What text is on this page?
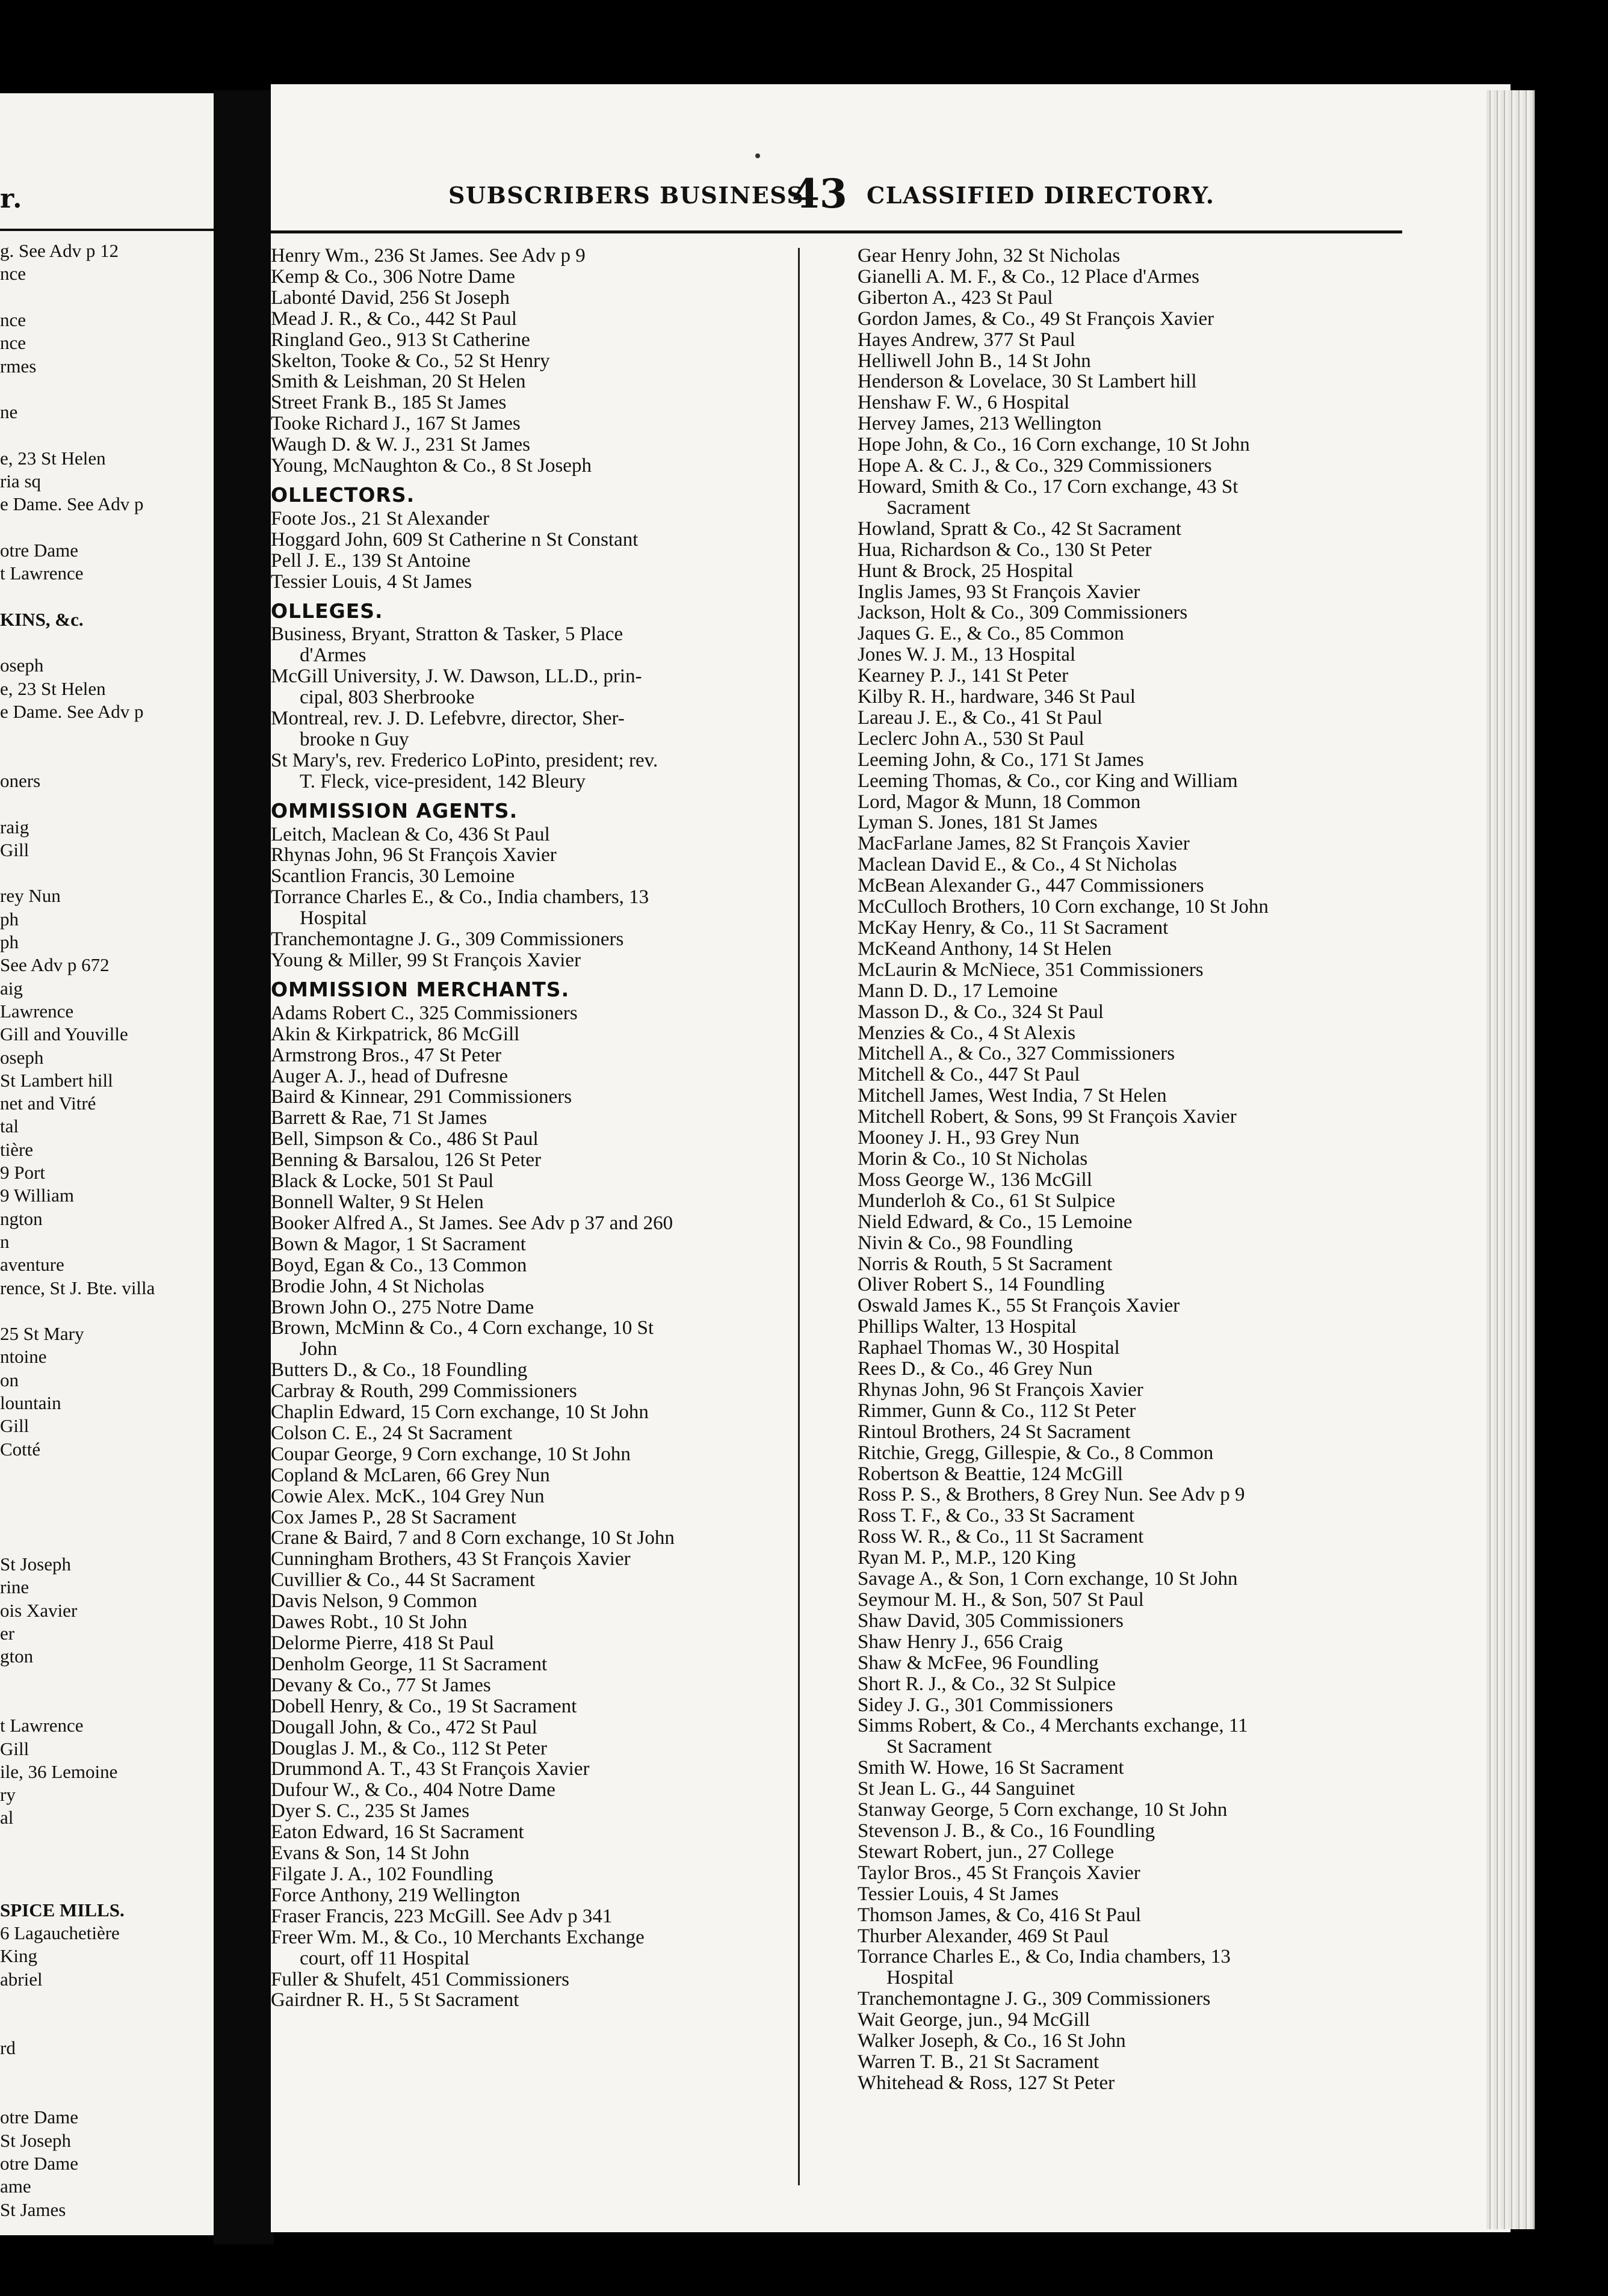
r.
g. See Adv p 12
nce
nce
nce
rmes
ne
e, 23 St Helen
ria sq
e Dame. See Adv p
otre Dame
t Lawrence
KINS, &c.
oseph
e, 23 St Helen
e Dame. See Adv p
oners
raig
Gill
rey Nun
ph
ph
See Adv p 672
aig
Lawrence
Gill and Youville
oseph
St Lambert hill
net and Vitré
tal
tière
9 Port
9 William
ngton
n
aventure
rence, St J. Bte. villa
25 St Mary
ntoine
on
lountain
Gill
Cotté
St Joseph
rine
ois Xavier
er
gton
t Lawrence
Gill
ile, 36 Lemoine
ry
al
SPICE MILLS.
6 Lagauchetière
King
abriel
rd
otre Dame
St Joseph
otre Dame
ame
St James
SUBSCRIBERS BUSINESS
43 CLASSIFIED DIRECTORY.
Henry Wm., 236 St James. See Adv p 9
Kemp & Co., 306 Notre Dame
Labonté David, 256 St Joseph
Mead J. R., & Co., 442 St Paul
Ringland Geo., 913 St Catherine
Skelton, Tooke & Co., 52 St Henry
Smith & Leishman, 20 St Helen
Street Frank B., 185 St James
Tooke Richard J., 167 St James
Waugh D. & W. J., 231 St James
Young, McNaughton & Co., 8 St Joseph
OLLECTORS.
Foote Jos., 21 St Alexander
Hoggard John, 609 St Catherine n St Constant
Pell J. E., 139 St Antoine
Tessier Louis, 4 St James
OLLEGES.
Business, Bryant, Stratton & Tasker, 5 Place
d'Armes
McGill University, J. W. Dawson, LL.D., prin-
cipal, 803 Sherbrooke
Montreal, rev. J. D. Lefebvre, director, Sher-
brooke n Guy
St Mary's, rev. Frederico LoPinto, president; rev.
T. Fleck, vice-president, 142 Bleury
OMMISSION AGENTS.
Leitch, Maclean & Co, 436 St Paul
Rhynas John, 96 St François Xavier
Scantlion Francis, 30 Lemoine
Torrance Charles E., & Co., India chambers, 13
Hospital
Tranchemontagne J. G., 309 Commissioners
Young & Miller, 99 St François Xavier
OMMISSION MERCHANTS.
Adams Robert C., 325 Commissioners
Akin & Kirkpatrick, 86 McGill
Armstrong Bros., 47 St Peter
Auger A. J., head of Dufresne
Baird & Kinnear, 291 Commissioners
Barrett & Rae, 71 St James
Bell, Simpson & Co., 486 St Paul
Benning & Barsalou, 126 St Peter
Black & Locke, 501 St Paul
Bonnell Walter, 9 St Helen
Booker Alfred A., St James. See Adv p 37 and 260
Bown & Magor, 1 St Sacrament
Boyd, Egan & Co., 13 Common
Brodie John, 4 St Nicholas
Brown John O., 275 Notre Dame
Brown, McMinn & Co., 4 Corn exchange, 10 St
John
Butters D., & Co., 18 Foundling
Carbray & Routh, 299 Commissioners
Chaplin Edward, 15 Corn exchange, 10 St John
Colson C. E., 24 St Sacrament
Coupar George, 9 Corn exchange, 10 St John
Copland & McLaren, 66 Grey Nun
Cowie Alex. McK., 104 Grey Nun
Cox James P., 28 St Sacrament
Crane & Baird, 7 and 8 Corn exchange, 10 St John
Cunningham Brothers, 43 St François Xavier
Cuvillier & Co., 44 St Sacrament
Davis Nelson, 9 Common
Dawes Robt., 10 St John
Delorme Pierre, 418 St Paul
Denholm George, 11 St Sacrament
Devany & Co., 77 St James
Dobell Henry, & Co., 19 St Sacrament
Dougall John, & Co., 472 St Paul
Douglas J. M., & Co., 112 St Peter
Drummond A. T., 43 St François Xavier
Dufour W., & Co., 404 Notre Dame
Dyer S. C., 235 St James
Eaton Edward, 16 St Sacrament
Evans & Son, 14 St John
Filgate J. A., 102 Foundling
Force Anthony, 219 Wellington
Fraser Francis, 223 McGill. See Adv p 341
Freer Wm. M., & Co., 10 Merchants Exchange
court, off 11 Hospital
Fuller & Shufelt, 451 Commissioners
Gairdner R. H., 5 St Sacrament
Gear Henry John, 32 St Nicholas
Gianelli A. M. F., & Co., 12 Place d'Armes
Giberton A., 423 St Paul
Gordon James, & Co., 49 St François Xavier
Hayes Andrew, 377 St Paul
Helliwell John B., 14 St John
Henderson & Lovelace, 30 St Lambert hill
Henshaw F. W., 6 Hospital
Hervey James, 213 Wellington
Hope John, & Co., 16 Corn exchange, 10 St John
Hope A. & C. J., & Co., 329 Commissioners
Howard, Smith & Co., 17 Corn exchange, 43 St
Sacrament
Howland, Spratt & Co., 42 St Sacrament
Hua, Richardson & Co., 130 St Peter
Hunt & Brock, 25 Hospital
Inglis James, 93 St François Xavier
Jackson, Holt & Co., 309 Commissioners
Jaques G. E., & Co., 85 Common
Jones W. J. M., 13 Hospital
Kearney P. J., 141 St Peter
Kilby R. H., hardware, 346 St Paul
Lareau J. E., & Co., 41 St Paul
Leclerc John A., 530 St Paul
Leeming John, & Co., 171 St James
Leeming Thomas, & Co., cor King and William
Lord, Magor & Munn, 18 Common
Lyman S. Jones, 181 St James
MacFarlane James, 82 St François Xavier
Maclean David E., & Co., 4 St Nicholas
McBean Alexander G., 447 Commissioners
McCulloch Brothers, 10 Corn exchange, 10 St John
McKay Henry, & Co., 11 St Sacrament
McKeand Anthony, 14 St Helen
McLaurin & McNiece, 351 Commissioners
Mann D. D., 17 Lemoine
Masson D., & Co., 324 St Paul
Menzies & Co., 4 St Alexis
Mitchell A., & Co., 327 Commissioners
Mitchell & Co., 447 St Paul
Mitchell James, West India, 7 St Helen
Mitchell Robert, & Sons, 99 St François Xavier
Mooney J. H., 93 Grey Nun
Morin & Co., 10 St Nicholas
Moss George W., 136 McGill
Munderloh & Co., 61 St Sulpice
Nield Edward, & Co., 15 Lemoine
Nivin & Co., 98 Foundling
Norris & Routh, 5 St Sacrament
Oliver Robert S., 14 Foundling
Oswald James K., 55 St François Xavier
Phillips Walter, 13 Hospital
Raphael Thomas W., 30 Hospital
Rees D., & Co., 46 Grey Nun
Rhynas John, 96 St François Xavier
Rimmer, Gunn & Co., 112 St Peter
Rintoul Brothers, 24 St Sacrament
Ritchie, Gregg, Gillespie, & Co., 8 Common
Robertson & Beattie, 124 McGill
Ross P. S., & Brothers, 8 Grey Nun. See Adv p 9
Ross T. F., & Co., 33 St Sacrament
Ross W. R., & Co., 11 St Sacrament
Ryan M. P., M.P., 120 King
Savage A., & Son, 1 Corn exchange, 10 St John
Seymour M. H., & Son, 507 St Paul
Shaw David, 305 Commissioners
Shaw Henry J., 656 Craig
Shaw & McFee, 96 Foundling
Short R. J., & Co., 32 St Sulpice
Sidey J. G., 301 Commissioners
Simms Robert, & Co., 4 Merchants exchange, 11
St Sacrament
Smith W. Howe, 16 St Sacrament
St Jean L. G., 44 Sanguinet
Stanway George, 5 Corn exchange, 10 St John
Stevenson J. B., & Co., 16 Foundling
Stewart Robert, jun., 27 College
Taylor Bros., 45 St François Xavier
Tessier Louis, 4 St James
Thomson James, & Co, 416 St Paul
Thurber Alexander, 469 St Paul
Torrance Charles E., & Co, India chambers, 13
Hospital
Tranchemontagne J. G., 309 Commissioners
Wait George, jun., 94 McGill
Walker Joseph, & Co., 16 St John
Warren T. B., 21 St Sacrament
Whitehead & Ross, 127 St Peter
